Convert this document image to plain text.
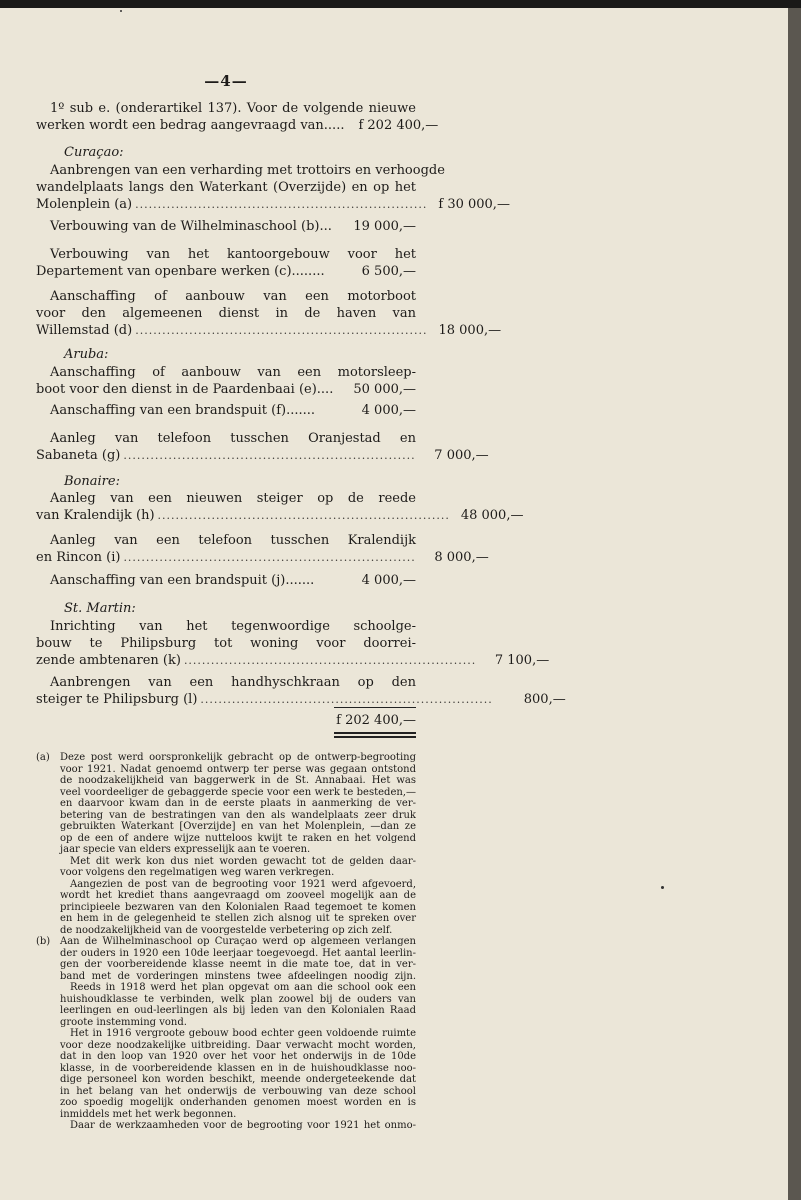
—4—
1º sub e. (onderartikel 137). Voor de volgende nieuwe
werken wordt een bedrag aangevraagd van..... f 202 400,—
Curaçao:
Aanbrengen van een verharding met trottoirs en verhoogde
wandelplaats langs den Waterkant (Overzijde) en op het
Molenplein (a) ................................................................. f 30 000,—
Verbouwing van de Wilhelminaschool (b)... 19 000,—
Verbouwing van het kantoorgebouw voor het
Departement van openbare werken (c)........	6 500,—
Aanschaffing of aanbouw van een motorboot
voor den algemeenen dienst in de haven van
Willemstad (d) ................................................................. 18 000,—
Aruba:
Aanschaffing of aanbouw van een motorsleep-
boot voor den dienst in de Paardenbaai (e).... 50 000,—
Aanschaffing van een brandspuit (f).......	4 000,—
Aanleg van telefoon tusschen Oranjestad en
Sabaneta (g) .................................................................	7 000,—
Bonaire:
Aanleg van een nieuwen steiger op de reede
van Kralendijk (h) ................................................................. 48 000,—
Aanleg van een telefoon tusschen Kralendijk
en Rincon (i) .................................................................	8 000,—
Aanschaffing van een brandspuit (j).......	4 000,—
St. Martin:
Inrichting van het tegenwoordige schoolge-
bouw te Philipsburg tot woning voor doorrei-
zende ambtenaren (k) .................................................................	7 100,—
Aanbrengen van een handhyschkraan op den
steiger te Philipsburg (l) .................................................................	800,—
f 202 400,—
(a)	Deze post werd oorspronkelijk gebracht op de ontwerp-begrooting
voor 1921. Nadat genoemd ontwerp ter perse was gegaan ontstond
de noodzakelijkheid van baggerwerk in de St. Annabaai. Het was
veel voordeeliger de gebaggerde specie voor een werk te besteden,—
en daarvoor kwam dan in de eerste plaats in aanmerking de ver-
betering van de bestratingen van den als wandelplaats zeer druk
gebruikten Waterkant [Overzijde] en van het Molenplein, —dan ze
op de een of andere wijze nutteloos kwijt te raken en het volgend
jaar specie van elders expresselijk aan te voeren.
Met dit werk kon dus niet worden gewacht tot de gelden daar-
voor volgens den regelmatigen weg waren verkregen.
Aangezien de post van de begrooting voor 1921 werd afgevoerd,
wordt het krediet thans aangevraagd om zooveel mogelijk aan de
principieele bezwaren van den Kolonialen Raad tegemoet te komen
en hem in de gelegenheid te stellen zich alsnog uit te spreken over
de noodzakelijkheid van de voorgestelde verbetering op zich zelf.
(b) Aan de Wilhelminaschool op Curaçao werd op algemeen verlangen
der ouders in 1920 een 10de leerjaar toegevoegd. Het aantal leerlin-
gen der voorbereidende klasse neemt in die mate toe, dat in ver-
band met de vorderingen minstens twee afdeelingen noodig zijn.
Reeds in 1918 werd het plan opgevat om aan die school ook een
huishoudklasse te verbinden, welk plan zoowel bij de ouders van
leerlingen en oud-leerlingen als bij leden van den Kolonialen Raad
groote instemming vond.
Het in 1916 vergroote gebouw bood echter geen voldoende ruimte
voor deze noodzakelijke uitbreiding. Daar verwacht mocht worden,
dat in den loop van 1920 over het voor het onderwijs in de 10de
klasse, in de voorbereidende klassen en in de huishoudklasse noo-
dige personeel kon worden beschikt, meende ondergeteekende dat
in het belang van het onderwijs de verbouwing van deze school
zoo spoedig mogelijk onderhanden genomen moest worden en is
inmiddels met het werk begonnen.
Daar de werkzaamheden voor de begrooting voor 1921 het onmo-
